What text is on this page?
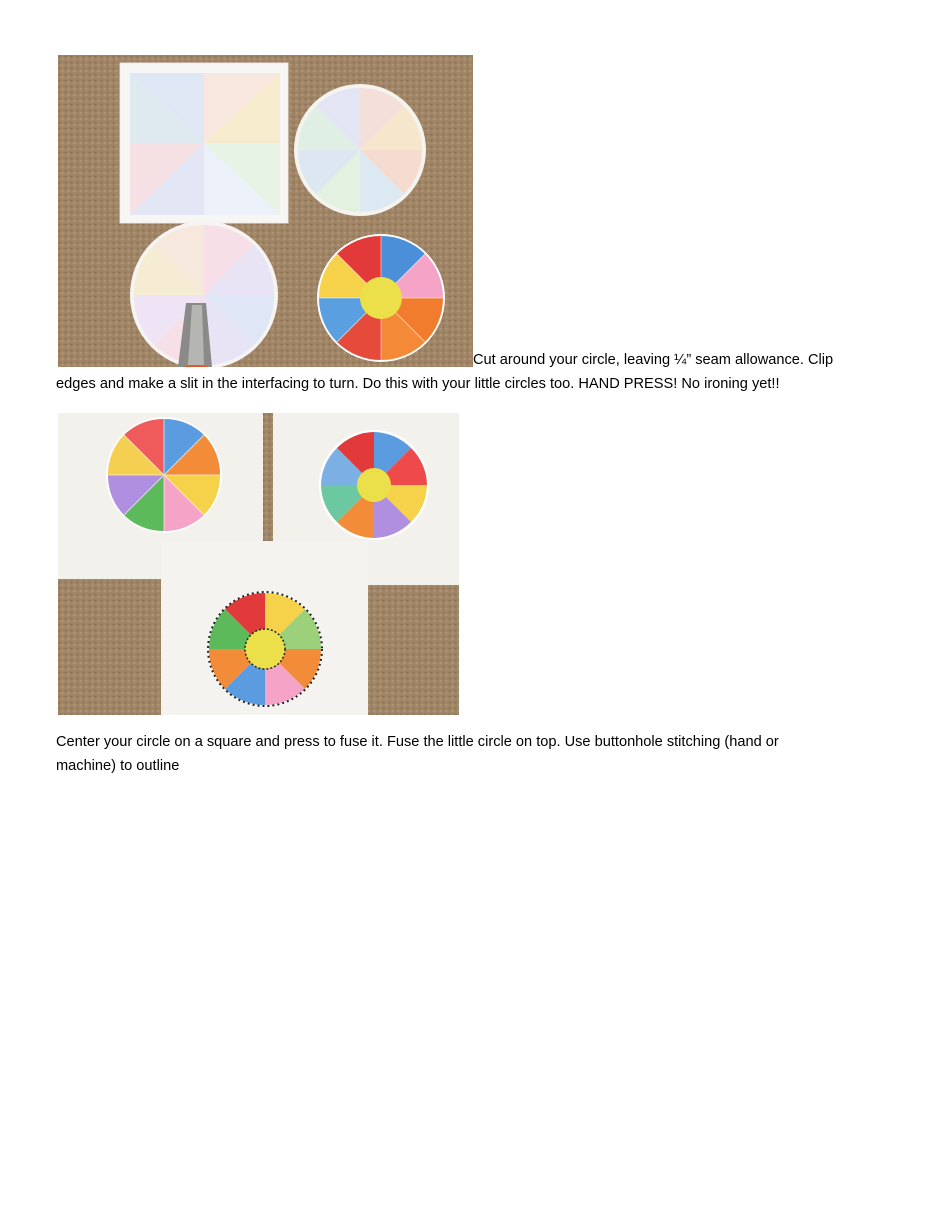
Cut around your circle, leaving ¼” seam allowance. Clip

edges and make a slit in the interfacing to turn. Do this with your little circles too. HAND PRESS! No ironing yet!!

Center your circle on a square and press to fuse it. Fuse the little circle on top. Use buttonhole stitching (hand or

machine) to outline
